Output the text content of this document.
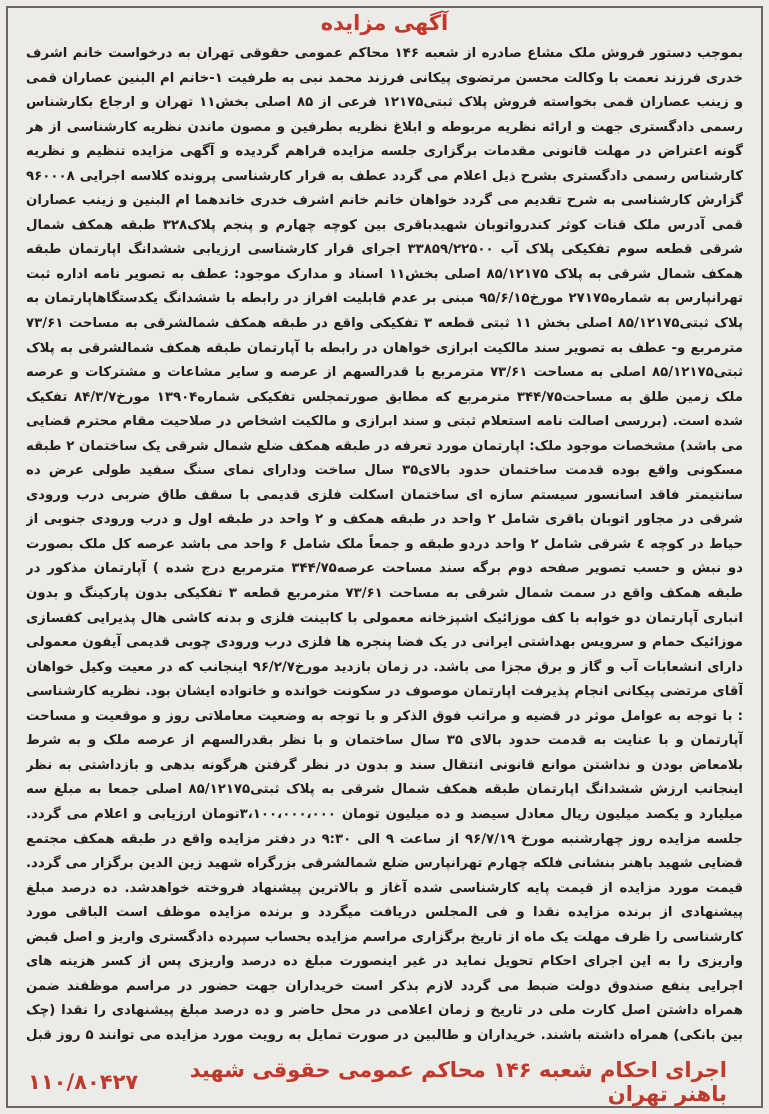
آگهی مزایده
بموجب دستور فروش ملک مشاع صادره از شعبه ۱۴۶ محاکم عمومی حقوقی تهران به درخواست خانم اشرف خدری فرزند نعمت با وکالت محسن مرتضوی پیکانی فرزند محمد نبی به طرفیت ۱-خانم ام البنین عصاران قمی و زینب عصاران قمی بخواسته فروش پلاک ثبتی۱۲۱۷۵ فرعی از ۸۵ اصلی بخش۱۱ تهران و ارجاع بکارشناس رسمی دادگستری جهت و ارائه نظریه مربوطه و ابلاغ نظریه بطرفین و مصون ماندن نظریه کارشناسی از هر گونه اعتراض در مهلت قانونی مقدمات برگزاری جلسه مزایده فراهم گردیده و آگهی مزایده تنظیم و نظریه کارشناس رسمی دادگستری بشرح ذیل اعلام می گردد عطف به قرار کارشناسی پرونده کلاسه اجرایی ۹۶۰۰۰۸ گزارش کارشناسی به شرح تقدیم می گردد خواهان خانم خانم اشرف خدری خاندهما ام البنین و زینب عصاران قمی آدرس ملک قنات کوثر کندرواتوبان شهیدباقری بین کوچه چهارم و پنجم پلاک۳۲۸ طبقه همکف شمال شرقی قطعه سوم تفکیکی پلاک آب ۳۳۸۵۹/۲۲۵۰۰ اجرای قرار کارشناسی ارزیابی ششدانگ اپارتمان طبقه همکف شمال شرقی به پلاک ۸۵/۱۲۱۷۵ اصلی بخش۱۱ اسناد و مدارک موجود: عطف به تصویر نامه اداره ثبت تهرانپارس به شماره۲۷۱۷۵ مورخ۹۵/۶/۱۵ مبنی بر عدم قابلیت افراز در رابطه با ششدانگ یکدستگاهاپارتمان به پلاک ثبتی۸۵/۱۲۱۷۵ اصلی بخش ۱۱ ثبتی قطعه ۳ تفکیکی واقع در طبقه همکف شمالشرقی به مساحت ۷۳/۶۱ مترمربع و- عطف به تصویر سند مالکیت ابرازی خواهان در رابطه با آپارتمان طبقه همکف شمالشرقی به پلاک ثبتی۸۵/۱۲۱۷۵ اصلی به مساحت ۷۳/۶۱ مترمربع با قدرالسهم از عرصه و سایر مشاعات و مشترکات و عرصه ملک زمین طلق به مساحت۳۴۴/۷۵ مترمربع که مطابق صورتمجلس تفکیکی شماره۱۳۹۰۴ مورخ۸۴/۳/۷ تفکیک شده است. (بررسی اصالت نامه استعلام ثبتی و سند ابرازی و مالکیت اشخاص در صلاحیت مقام محترم قضایی می باشد) مشخصات موجود ملک: اپارتمان مورد تعرفه در طبقه همکف ضلع شمال شرقی یک ساختمان ۲ طبقه مسکونی واقع بوده قدمت ساختمان حدود بالای۳۵ سال ساخت ودارای نمای سنگ سفید طولی عرض ده سانتیمتر فاقد اسانسور سیستم سازه ای ساختمان اسکلت فلزی قدیمی با سقف طاق ضربی درب ورودی شرقی در مجاور اتوبان باقری شامل ۲ واحد در طبقه همکف و ۲ واحد در طبقه اول و درب ورودی جنوبی از حیاط در کوچه ٤ شرقی شامل ۲ واحد دردو طبقه و جمعاً ملک شامل ۶ واحد می باشد عرصه کل ملک بصورت دو نبش و حسب تصویر صفحه دوم برگه سند مساحت عرصه۳۴۴/۷۵ مترمربع درج شده ) آپارتمان مذکور در طبقه همکف واقع در سمت شمال شرقی به مساحت ۷۳/۶۱ مترمربع قطعه ۳ تفکیکی بدون پارکینگ و بدون انباری آپارتمان دو خوابه با کف موزائیک اشپزخانه معمولی با کابینت فلزی و بدنه کاشی هال پذیرایی کفسازی موزائیک حمام و سرویس بهداشتی ایرانی در یک فضا پنجره ها فلزی درب ورودی چوبی قدیمی آیفون معمولی دارای انشعابات آب و گاز و برق مجزا می باشد. در زمان بازدید مورخ۹۶/۲/۷ اینجانب که در معیت وکیل خواهان آقای مرتضی پیکانی انجام پذیرفت اپارتمان موصوف در سکونت خوانده و خانواده ایشان بود. نظریه کارشناسی : با توجه به عوامل موثر در قضیه و مراتب فوق الذکر و با توجه به وضعیت معاملاتی روز و موقعیت و مساحت آپارتمان و با عنایت به قدمت حدود بالای ۳۵ سال ساختمان و با نظر بقدرالسهم از عرصه ملک و به شرط بلامعاض بودن و نداشتن موانع قانونی انتقال سند و بدون در نظر گرفتن هرگونه بدهی و بازداشتی به نظر اینجانب ارزش ششدانگ اپارتمان طبقه همکف شمال شرقی به پلاک ثبتی۸۵/۱۲۱۷۵ اصلی جمعا به مبلغ سه میلیارد و یکصد میلیون ریال معادل سیصد و ده میلیون تومان ۳،۱۰۰،۰۰۰،۰۰۰تومان ارزیابی و اعلام می گردد. جلسه مزایده روز چهارشنبه مورخ ۹۶/۷/۱۹ از ساعت ۹ الی ۹:۳۰ در دفتر مزایده واقع در طبقه همکف مجتمع قضایی شهید باهنر بنشانی فلکه چهارم تهرانپارس ضلع شمالشرقی بزرگراه شهید زین الدین برگزار می گردد. قیمت مورد مزایده از قیمت پایه کارشناسی شده آغاز و بالاترین پیشنهاد فروخته خواهدشد. ده درصد مبلغ پیشنهادی از برنده مزایده نقدا و فی المجلس دریافت میگردد و برنده مزایده موظف است الباقی مورد کارشناسی را ظرف مهلت یک ماه از تاریخ برگزاری مراسم مزایده بحساب سپرده دادگستری واریز و اصل قبض واریزی را به این اجرای احکام تحویل نماید در غیر اینصورت مبلغ ده درصد واریزی پس از کسر هزینه های اجرایی بنفع صندوق دولت ضبط می گردد لازم بذکر است خریداران جهت حضور در مراسم موظفند ضمن همراه داشتن اصل کارت ملی در تاریخ و زمان اعلامی در محل حاضر و ده درصد مبلغ پیشنهادی را نقدا (چک بین بانکی) همراه داشته باشند. خریداران و طالبین در صورت تمایل به رویت مورد مزایده می توانند ۵ روز قبل
اجرای احکام شعبه ۱۴۶ محاکم عمومی حقوقی شهید باهنر تهران
۱۱۰/۸۰۴۲۷
